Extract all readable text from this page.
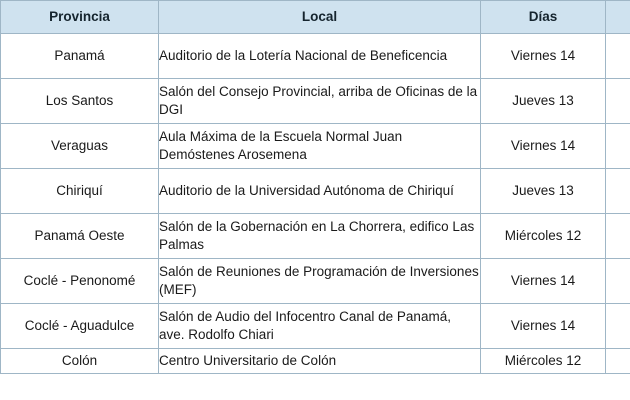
Provincia	Local	Días	
Panamá	Auditorio de la Lotería Nacional de Beneficencia	Viernes 14	
Los Santos	Salón del Consejo Provincial, arriba de Oficinas de la DGI	Jueves 13	
Veraguas	Aula Máxima de la Escuela Normal Juan Demóstenes Arosemena	Viernes 14	
Chiriquí	Auditorio de la Universidad Autónoma de Chiriquí	Jueves 13	
Panamá Oeste	Salón de la Gobernación en La Chorrera, edifico Las Palmas	Miércoles 12	
Coclé - Penonomé	Salón de Reuniones de Programación de Inversiones (MEF)	Viernes 14	
Coclé - Aguadulce	Salón de Audio del Infocentro Canal de Panamá, ave. Rodolfo Chiari	Viernes 14	
Colón	Centro Universitario de Colón	Miércoles 12	
